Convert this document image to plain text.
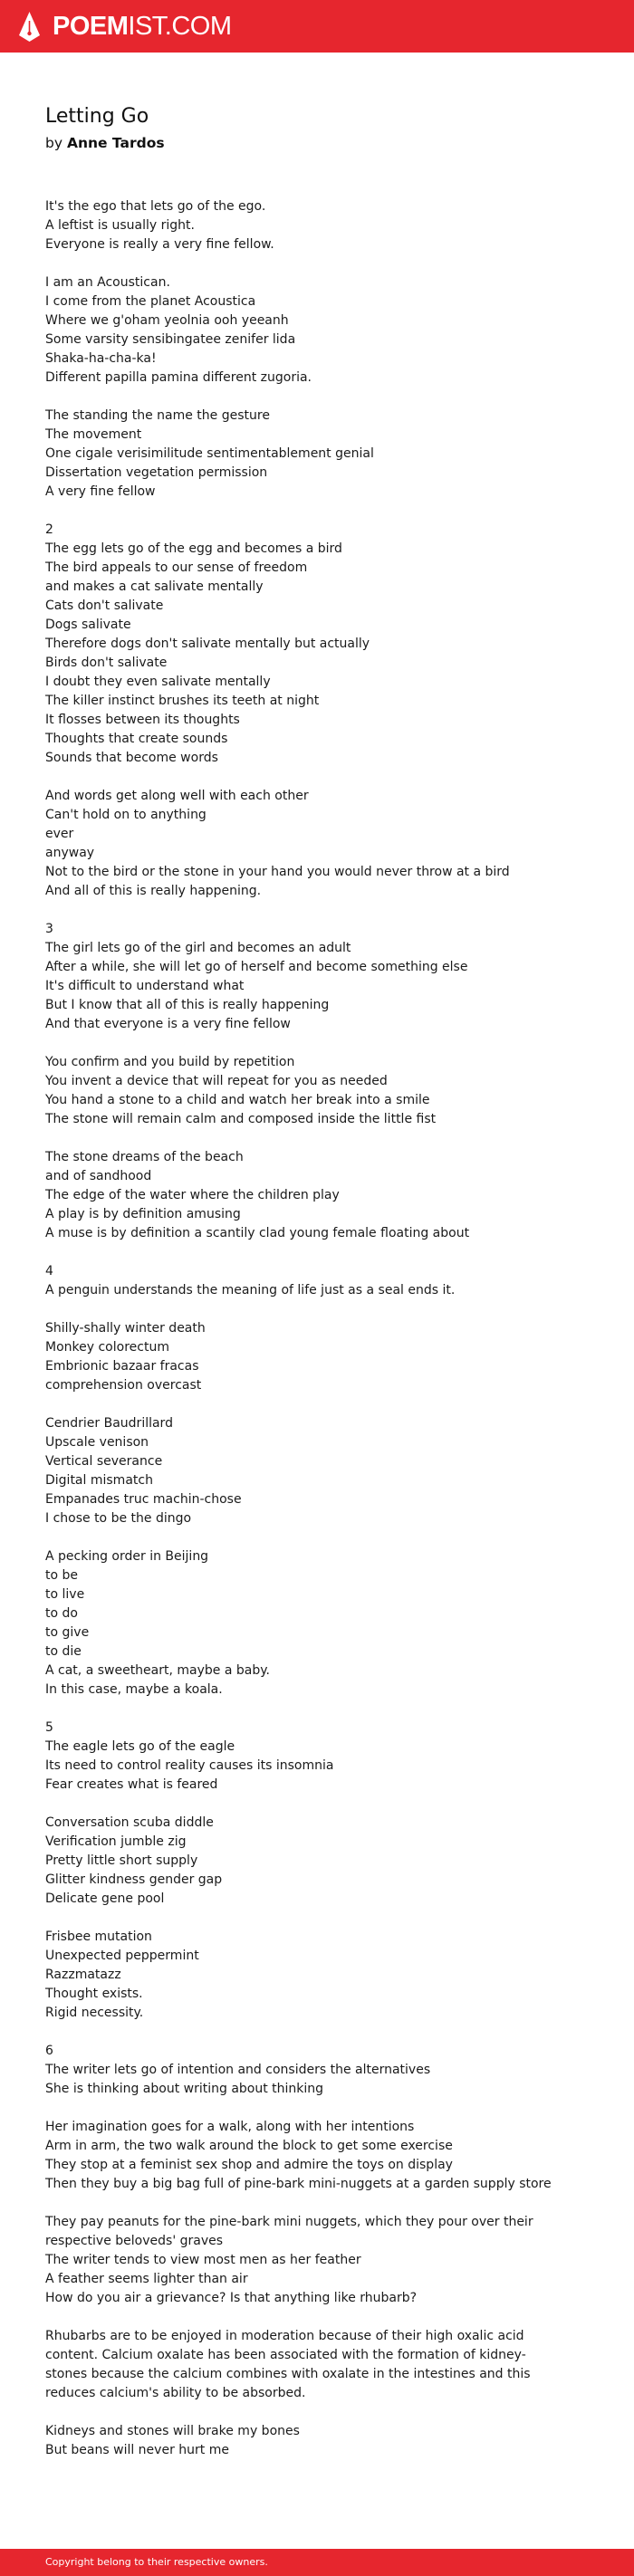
POEMIST.COM
Letting Go
by Anne Tardos
It's the ego that lets go of the ego.
A leftist is usually right.
Everyone is really a very fine fellow.
I am an Acoustican.
I come from the planet Acoustica
Where we g'oham yeolnia ooh yeeanh
Some varsity sensibingatee zenifer lida
Shaka-ha-cha-ka!
Different papilla pamina different zugoria.
The standing the name the gesture
The movement
One cigale verisimilitude sentimentablement genial
Dissertation vegetation permission
A very fine fellow
2
The egg lets go of the egg and becomes a bird
The bird appeals to our sense of freedom
and makes a cat salivate mentally
Cats don't salivate
Dogs salivate
Therefore dogs don't salivate mentally but actually
Birds don't salivate
I doubt they even salivate mentally
The killer instinct brushes its teeth at night
It flosses between its thoughts
Thoughts that create sounds
Sounds that become words
And words get along well with each other
Can't hold on to anything
ever
anyway
Not to the bird or the stone in your hand you would never throw at a bird
And all of this is really happening.
3
The girl lets go of the girl and becomes an adult
After a while, she will let go of herself and become something else
It's difficult to understand what
But I know that all of this is really happening
And that everyone is a very fine fellow
You confirm and you build by repetition
You invent a device that will repeat for you as needed
You hand a stone to a child and watch her break into a smile
The stone will remain calm and composed inside the little fist
The stone dreams of the beach
and of sandhood
The edge of the water where the children play
A play is by definition amusing
A muse is by definition a scantily clad young female floating about
4
A penguin understands the meaning of life just as a seal ends it.
Shilly-shally winter death
Monkey colorectum
Embrionic bazaar fracas
comprehension overcast
Cendrier Baudrillard
Upscale venison
Vertical severance
Digital mismatch
Empanades truc machin-chose
I chose to be the dingo
A pecking order in Beijing
to be
to live
to do
to give
to die
A cat, a sweetheart, maybe a baby.
In this case, maybe a koala.
5
The eagle lets go of the eagle
Its need to control reality causes its insomnia
Fear creates what is feared
Conversation scuba diddle
Verification jumble zig
Pretty little short supply
Glitter kindness gender gap
Delicate gene pool
Frisbee mutation
Unexpected peppermint
Razzmatazz
Thought exists.
Rigid necessity.
6
The writer lets go of intention and considers the alternatives
She is thinking about writing about thinking
Her imagination goes for a walk, along with her intentions
Arm in arm, the two walk around the block to get some exercise
They stop at a feminist sex shop and admire the toys on display
Then they buy a big bag full of pine-bark mini-nuggets at a garden supply store
They pay peanuts for the pine-bark mini nuggets, which they pour over their respective beloveds' graves
The writer tends to view most men as her feather
A feather seems lighter than air
How do you air a grievance? Is that anything like rhubarb?
Rhubarbs are to be enjoyed in moderation because of their high oxalic acid content. Calcium oxalate has been associated with the formation of kidney-stones because the calcium combines with oxalate in the intestines and this reduces calcium's ability to be absorbed.
Kidneys and stones will brake my bones
But beans will never hurt me
Copyright belong to their respective owners.
